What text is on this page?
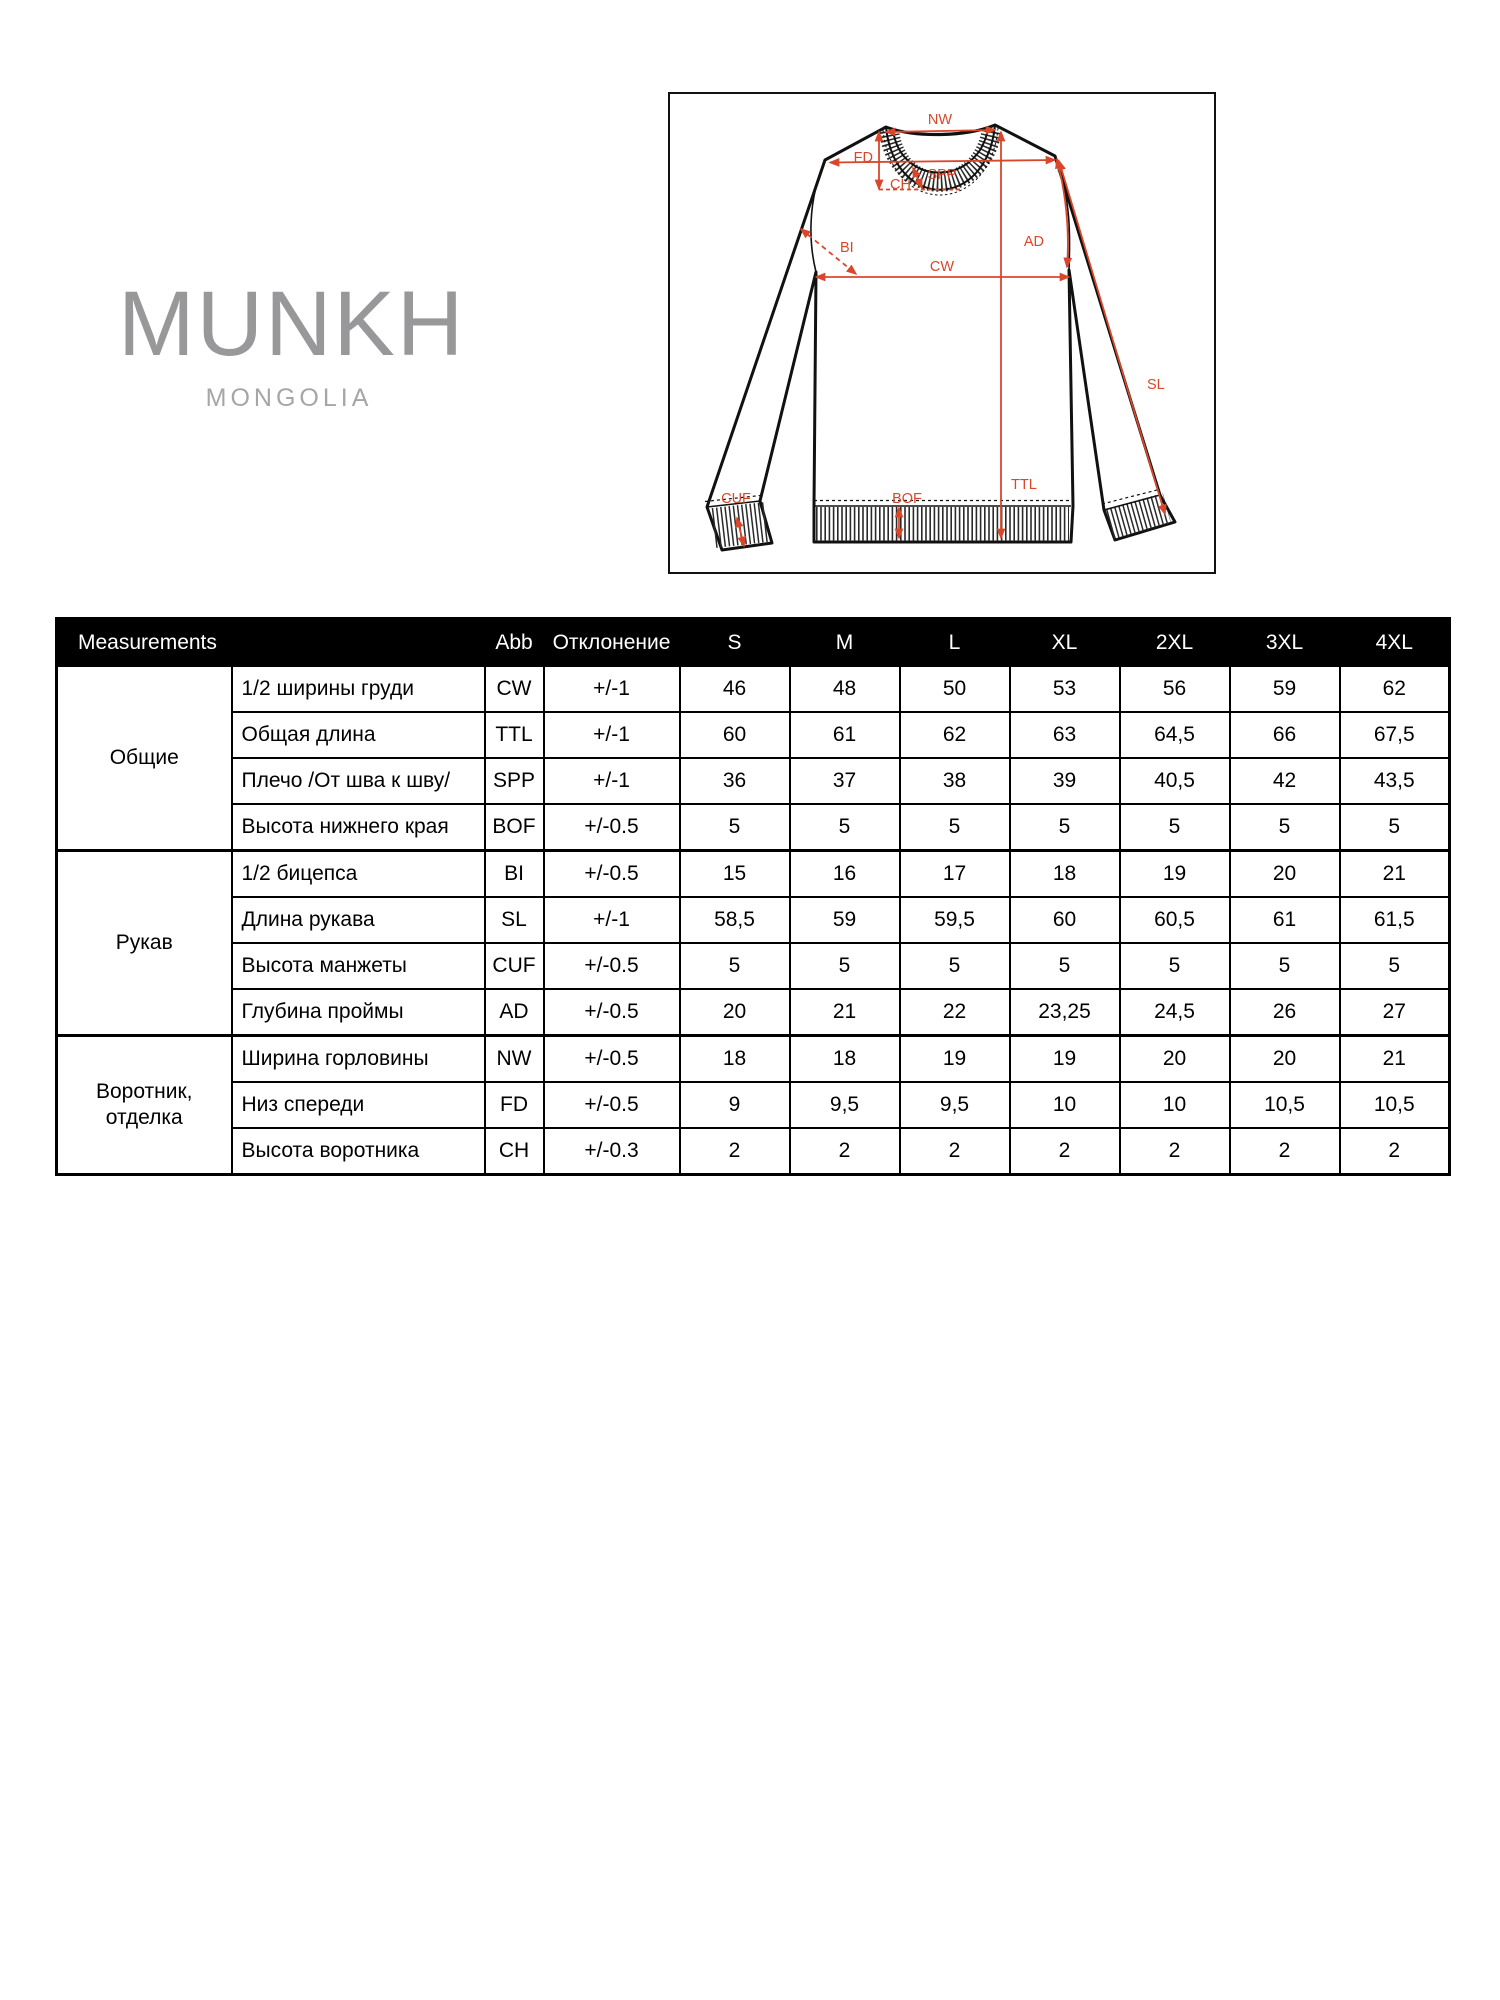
MUNKH
MONGOLIA
NW
FD
SPP
CH
BI
CW
AD
SL
TTL
BOF
CUF
Measurements		Abb	Отклонение	S	M	L	XL	2XL	3XL	4XL
Общие	1/2 ширины груди	CW	+/-1	46	48	50	53	56	59	62
	Общая длина	TTL	+/-1	60	61	62	63	64,5	66	67,5
	Плечо /От шва к шву/	SPP	+/-1	36	37	38	39	40,5	42	43,5
	Высота нижнего края	BOF	+/-0.5	5	5	5	5	5	5	5
Рукав	1/2 бицепса	BI	+/-0.5	15	16	17	18	19	20	21
	Длина рукава	SL	+/-1	58,5	59	59,5	60	60,5	61	61,5
	Высота манжеты	CUF	+/-0.5	5	5	5	5	5	5	5
	Глубина проймы	AD	+/-0.5	20	21	22	23,25	24,5	26	27
Воротник, отделка	Ширина горловины	NW	+/-0.5	18	18	19	19	20	20	21
	Низ спереди	FD	+/-0.5	9	9,5	9,5	10	10	10,5	10,5
	Высота воротника	CH	+/-0.3	2	2	2	2	2	2	2
